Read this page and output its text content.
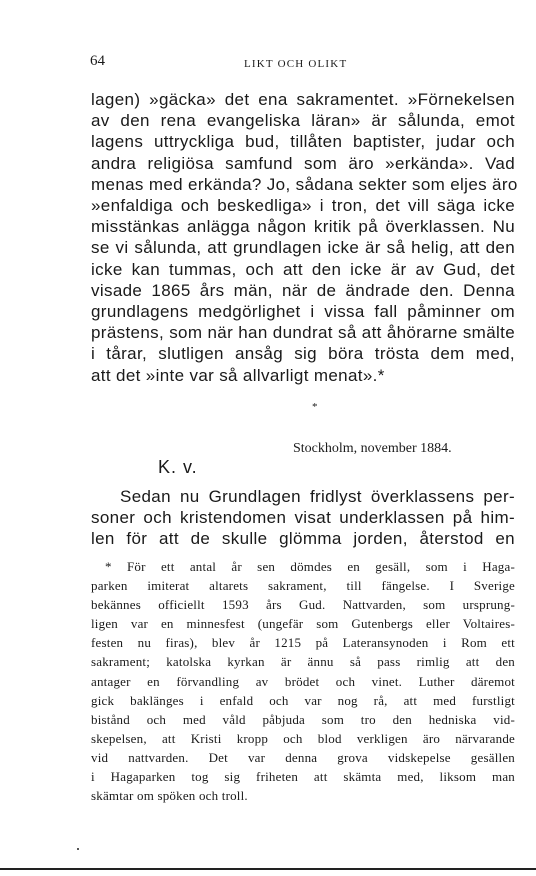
64	LIKT OCH OLIKT
lagen) »gäcka» det ena sakramentet. »Förnekelsen
av den rena evangeliska läran» är sålunda, emot
lagens uttryckliga bud, tillåten baptister, judar och
andra religiösa samfund som äro »erkända». Vad
menas med erkända? Jo, sådana sekter som eljes äro
»enfaldiga och beskedliga» i tron, det vill säga icke
misstänkas anlägga någon kritik på överklassen. Nu
se vi sålunda, att grundlagen icke är så helig, att den
icke kan tummas, och att den icke är av Gud, det
visade 1865 års män, när de ändrade den. Denna
grundlagens medgörlighet i vissa fall påminner om
prästens, som när han dundrat så att åhörarne smälte
i tårar, slutligen ansåg sig böra trösta dem med,
att det »inte var så allvarligt menat».*
*
Stockholm, november 1884.
K. v.
Sedan nu Grundlagen fridlyst överklassens per-
soner och kristendomen visat underklassen på him-
len för att de skulle glömma jorden, återstod en
* För ett antal år sen dömdes en gesäll, som i Haga-
parken imiterat altarets sakrament, till fängelse. I Sverige
bekännes officiellt 1593 års Gud. Nattvarden, som ursprung-
ligen var en minnesfest (ungefär som Gutenbergs eller Voltaires-
festen nu firas), blev år 1215 på Lateransynoden i Rom ett
sakrament; katolska kyrkan är ännu så pass rimlig att den
antager en förvandling av brödet och vinet. Luther däremot
gick baklänges i enfald och var nog rå, att med furstligt
bistånd och med våld påbjuda som tro den hedniska vid-
skepelsen, att Kristi kropp och blod verkligen äro närvarande
vid nattvarden. Det var denna grova vidskepelse gesällen
i Hagaparken tog sig friheten att skämta med, liksom man
skämtar om spöken och troll.
